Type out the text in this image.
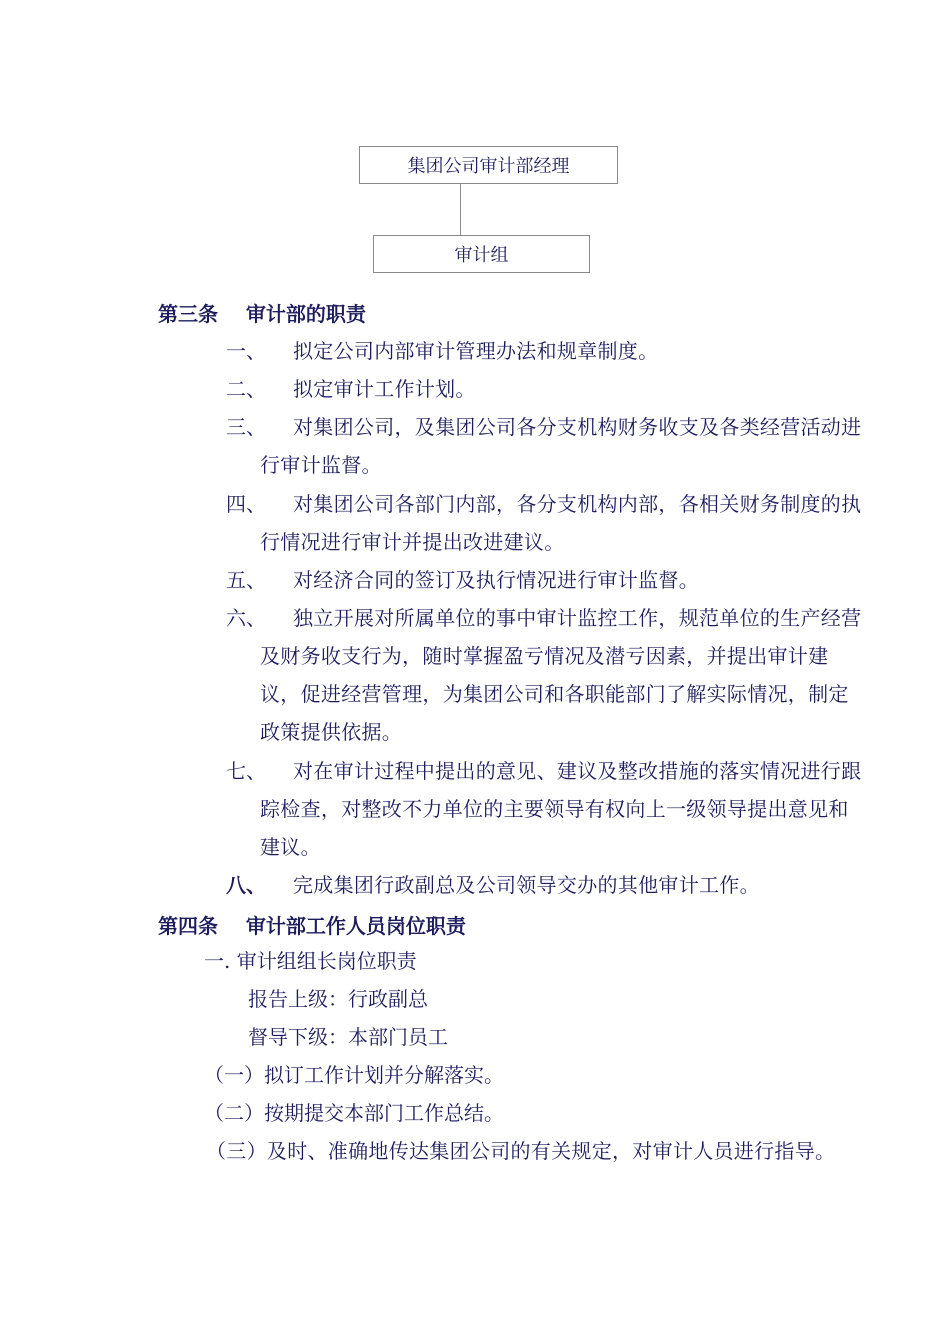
集团公司审计部经理
审计组
第三条    审计部的职责
一、	拟定公司内部审计管理办法和规章制度。
二、	拟定审计工作计划。
三、	对集团公司，及集团公司各分支机构财务收支及各类经营活动进行审计监督。
四、	对集团公司各部门内部，各分支机构内部，各相关财务制度的执行情况进行审计并提出改进建议。
五、	对经济合同的签订及执行情况进行审计监督。
六、	独立开展对所属单位的事中审计监控工作，规范单位的生产经营及财务收支行为，随时掌握盈亏情况及潜亏因素，并提出审计建议，促进经营管理，为集团公司和各职能部门了解实际情况，制定政策提供依据。
七、	对在审计过程中提出的意见、建议及整改措施的落实情况进行跟踪检查，对整改不力单位的主要领导有权向上一级领导提出意见和建议。
八、	完成集团行政副总及公司领导交办的其他审计工作。
第四条    审计部工作人员岗位职责
一. 审计组组长岗位职责
报告上级：行政副总
督导下级：本部门员工
（一）拟订工作计划并分解落实。
（二）按期提交本部门工作总结。
（三）及时、准确地传达集团公司的有关规定，对审计人员进行指导。
